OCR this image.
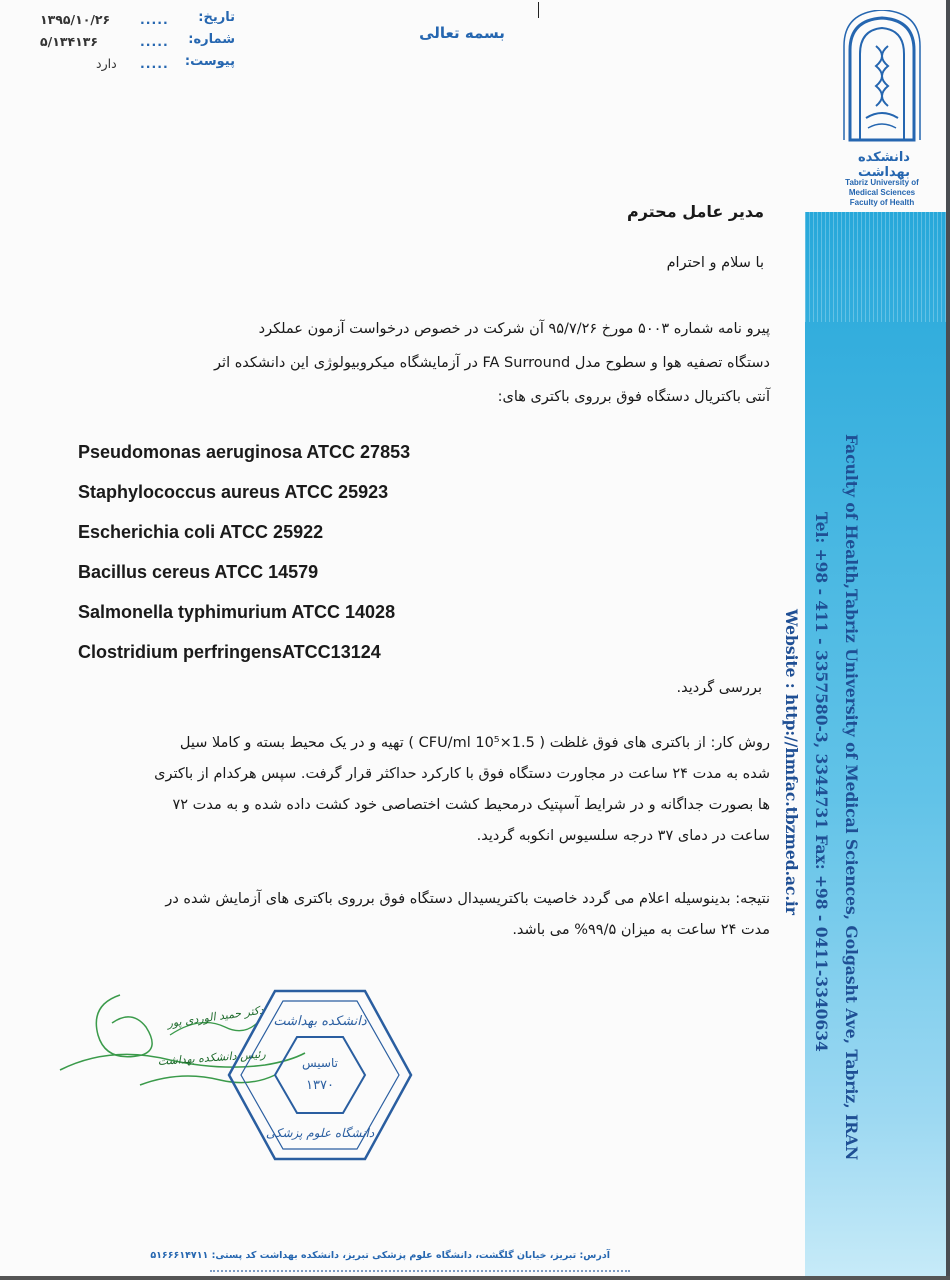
Faculty of Health,Tabriz University of Medical Sciences, Golgasht Ave, Tabriz, IRAN
Tel: +98 - 411 - 3357580-3, 3344731 Fax: +98 - 0411-3340634
Website : http://hmfac.tbzmed.ac.ir
۱۳۹۵/۱۰/۲۶ ..... تاریخ:
۵/۱۳۴۱۳۶	..... شماره:
دارد ..... پیوست:
بسمه تعالی
دانشکده بهداشت
Tabriz University of
Medical Sciences
Faculty of Health
مدیر عامل محترم
با سلام و احترام
پیرو نامه شماره ۵۰۰۳ مورخ ۹۵/۷/۲۶ آن شرکت در خصوص درخواست آزمون عملکرد
دستگاه تصفیه هوا و سطوح مدل FA Surround در آزمایشگاه میکروبیولوژی این دانشکده اثر
آنتی باکتریال دستگاه فوق برروی باکتری های:
Pseudomonas aeruginosa ATCC 27853
Staphylococcus aureus ATCC 25923
Escherichia coli ATCC 25922
Bacillus cereus ATCC 14579
Salmonella typhimurium ATCC 14028
Clostridium perfringensATCC13124
بررسی گردید.
روش کار: از باکتری های فوق غلظت ( 1.5×10⁵ CFU/ml ) تهیه و در یک محیط بسته و کاملا سیل
شده به مدت ۲۴ ساعت در مجاورت دستگاه فوق با کارکرد حداکثر قرار گرفت. سپس هرکدام از باکتری
ها بصورت جداگانه و در شرایط آسپتیک درمحیط کشت اختصاصی خود کشت داده شده و به مدت ۷۲
ساعت در دمای ۳۷ درجه سلسیوس انکوبه گردید.
نتیجه: بدینوسیله اعلام می گردد خاصیت باکتریسیدال دستگاه فوق برروی باکتری های آزمایش شده در
مدت ۲۴ ساعت به میزان ۹۹/۵% می باشد.
دکتر حمید الوردی پور
رئیس دانشکده بهداشت
دانشکده بهداشت
تاسیس
۱۳۷۰
دانشگاه علوم پزشکی
آدرس: تبریز، خیابان گلگشت، دانشگاه علوم پزشکی تبریز، دانشکده بهداشت کد پستی: ۵۱۶۶۶۱۴۷۱۱
